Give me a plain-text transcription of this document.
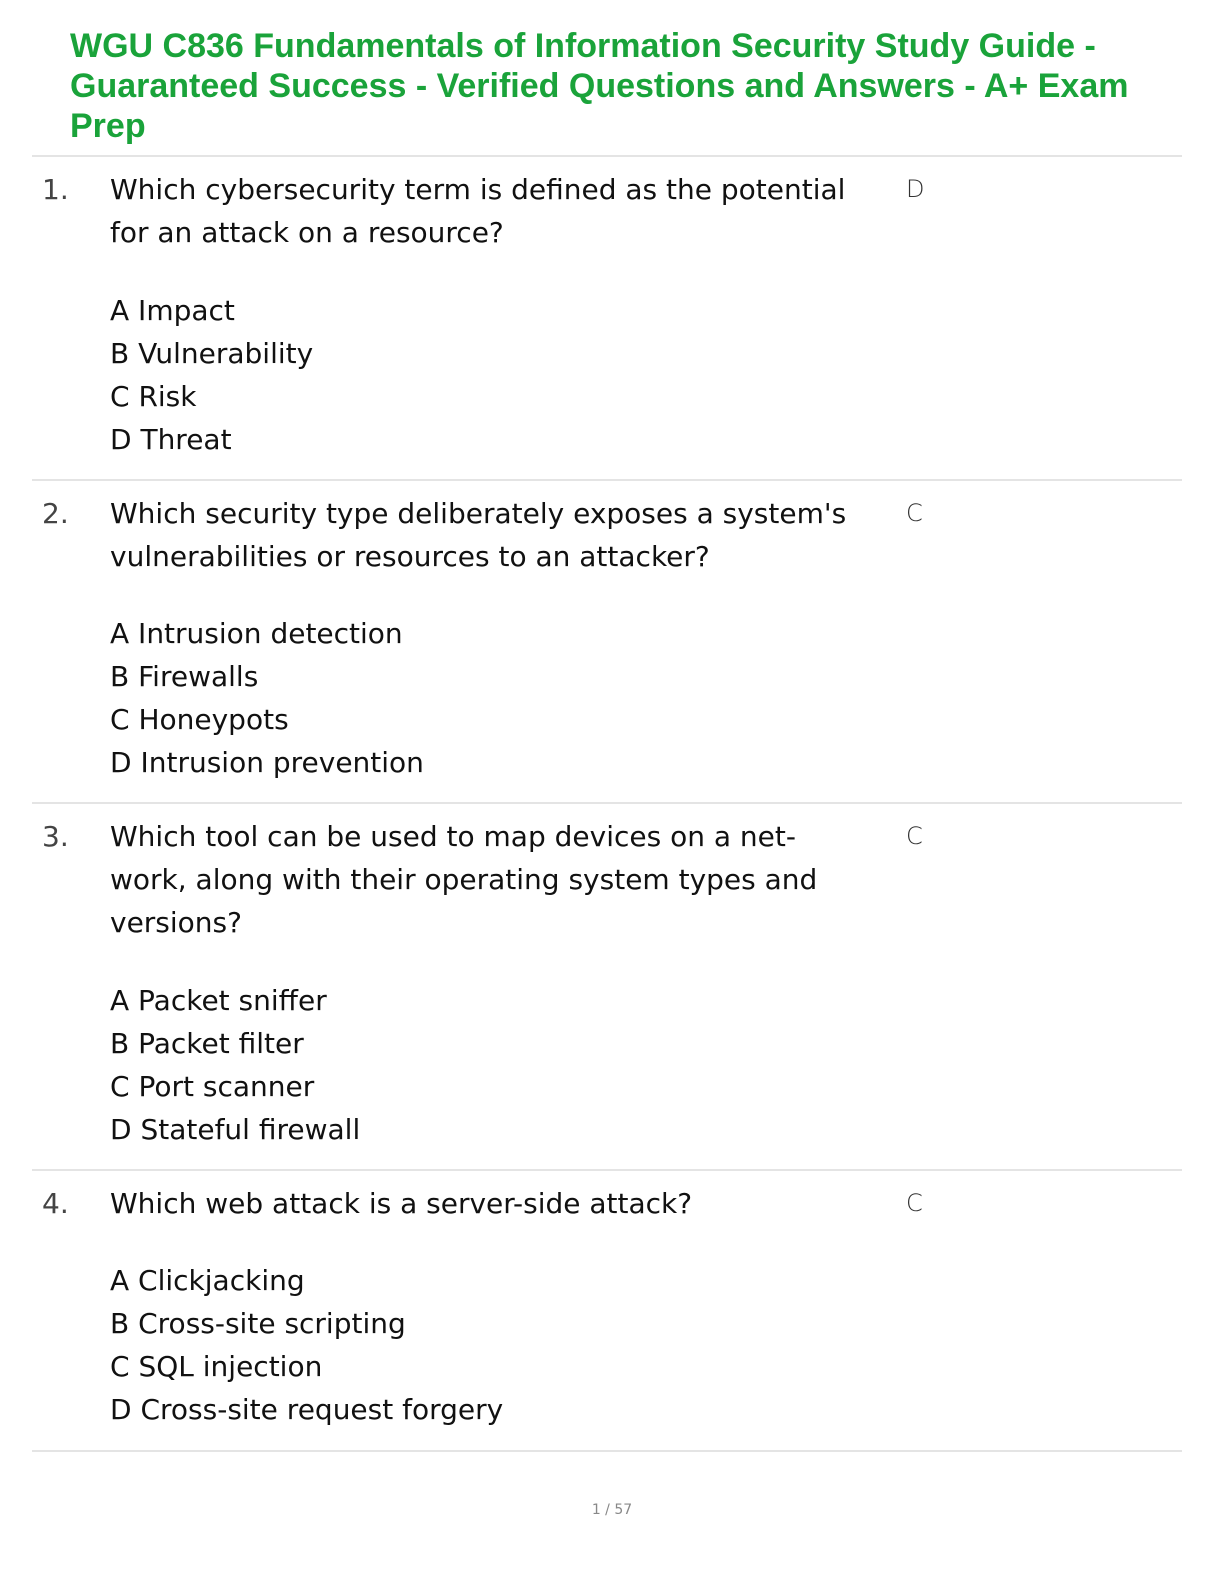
WGU C836 Fundamentals of Information Security Study Guide - Guaranteed Success - Verified Questions and Answers - A+ Exam Prep
1. Which cybersecurity term is defined as the potential
for an attack on a resource?

D
A Impact
B Vulnerability
C Risk
D Threat
2. Which security type deliberately exposes a system's
vulnerabilities or resources to an attacker?

C
A Intrusion detection
B Firewalls
C Honeypots
D Intrusion prevention
3. Which tool can be used to map devices on a net-
work, along with their operating system types and
versions?

C
A Packet sniffer
B Packet filter
C Port scanner
D Stateful firewall
4. Which web attack is a server-side attack?	C
A Clickjacking
B Cross-site scripting
C SQL injection
D Cross-site request forgery
1 / 57
